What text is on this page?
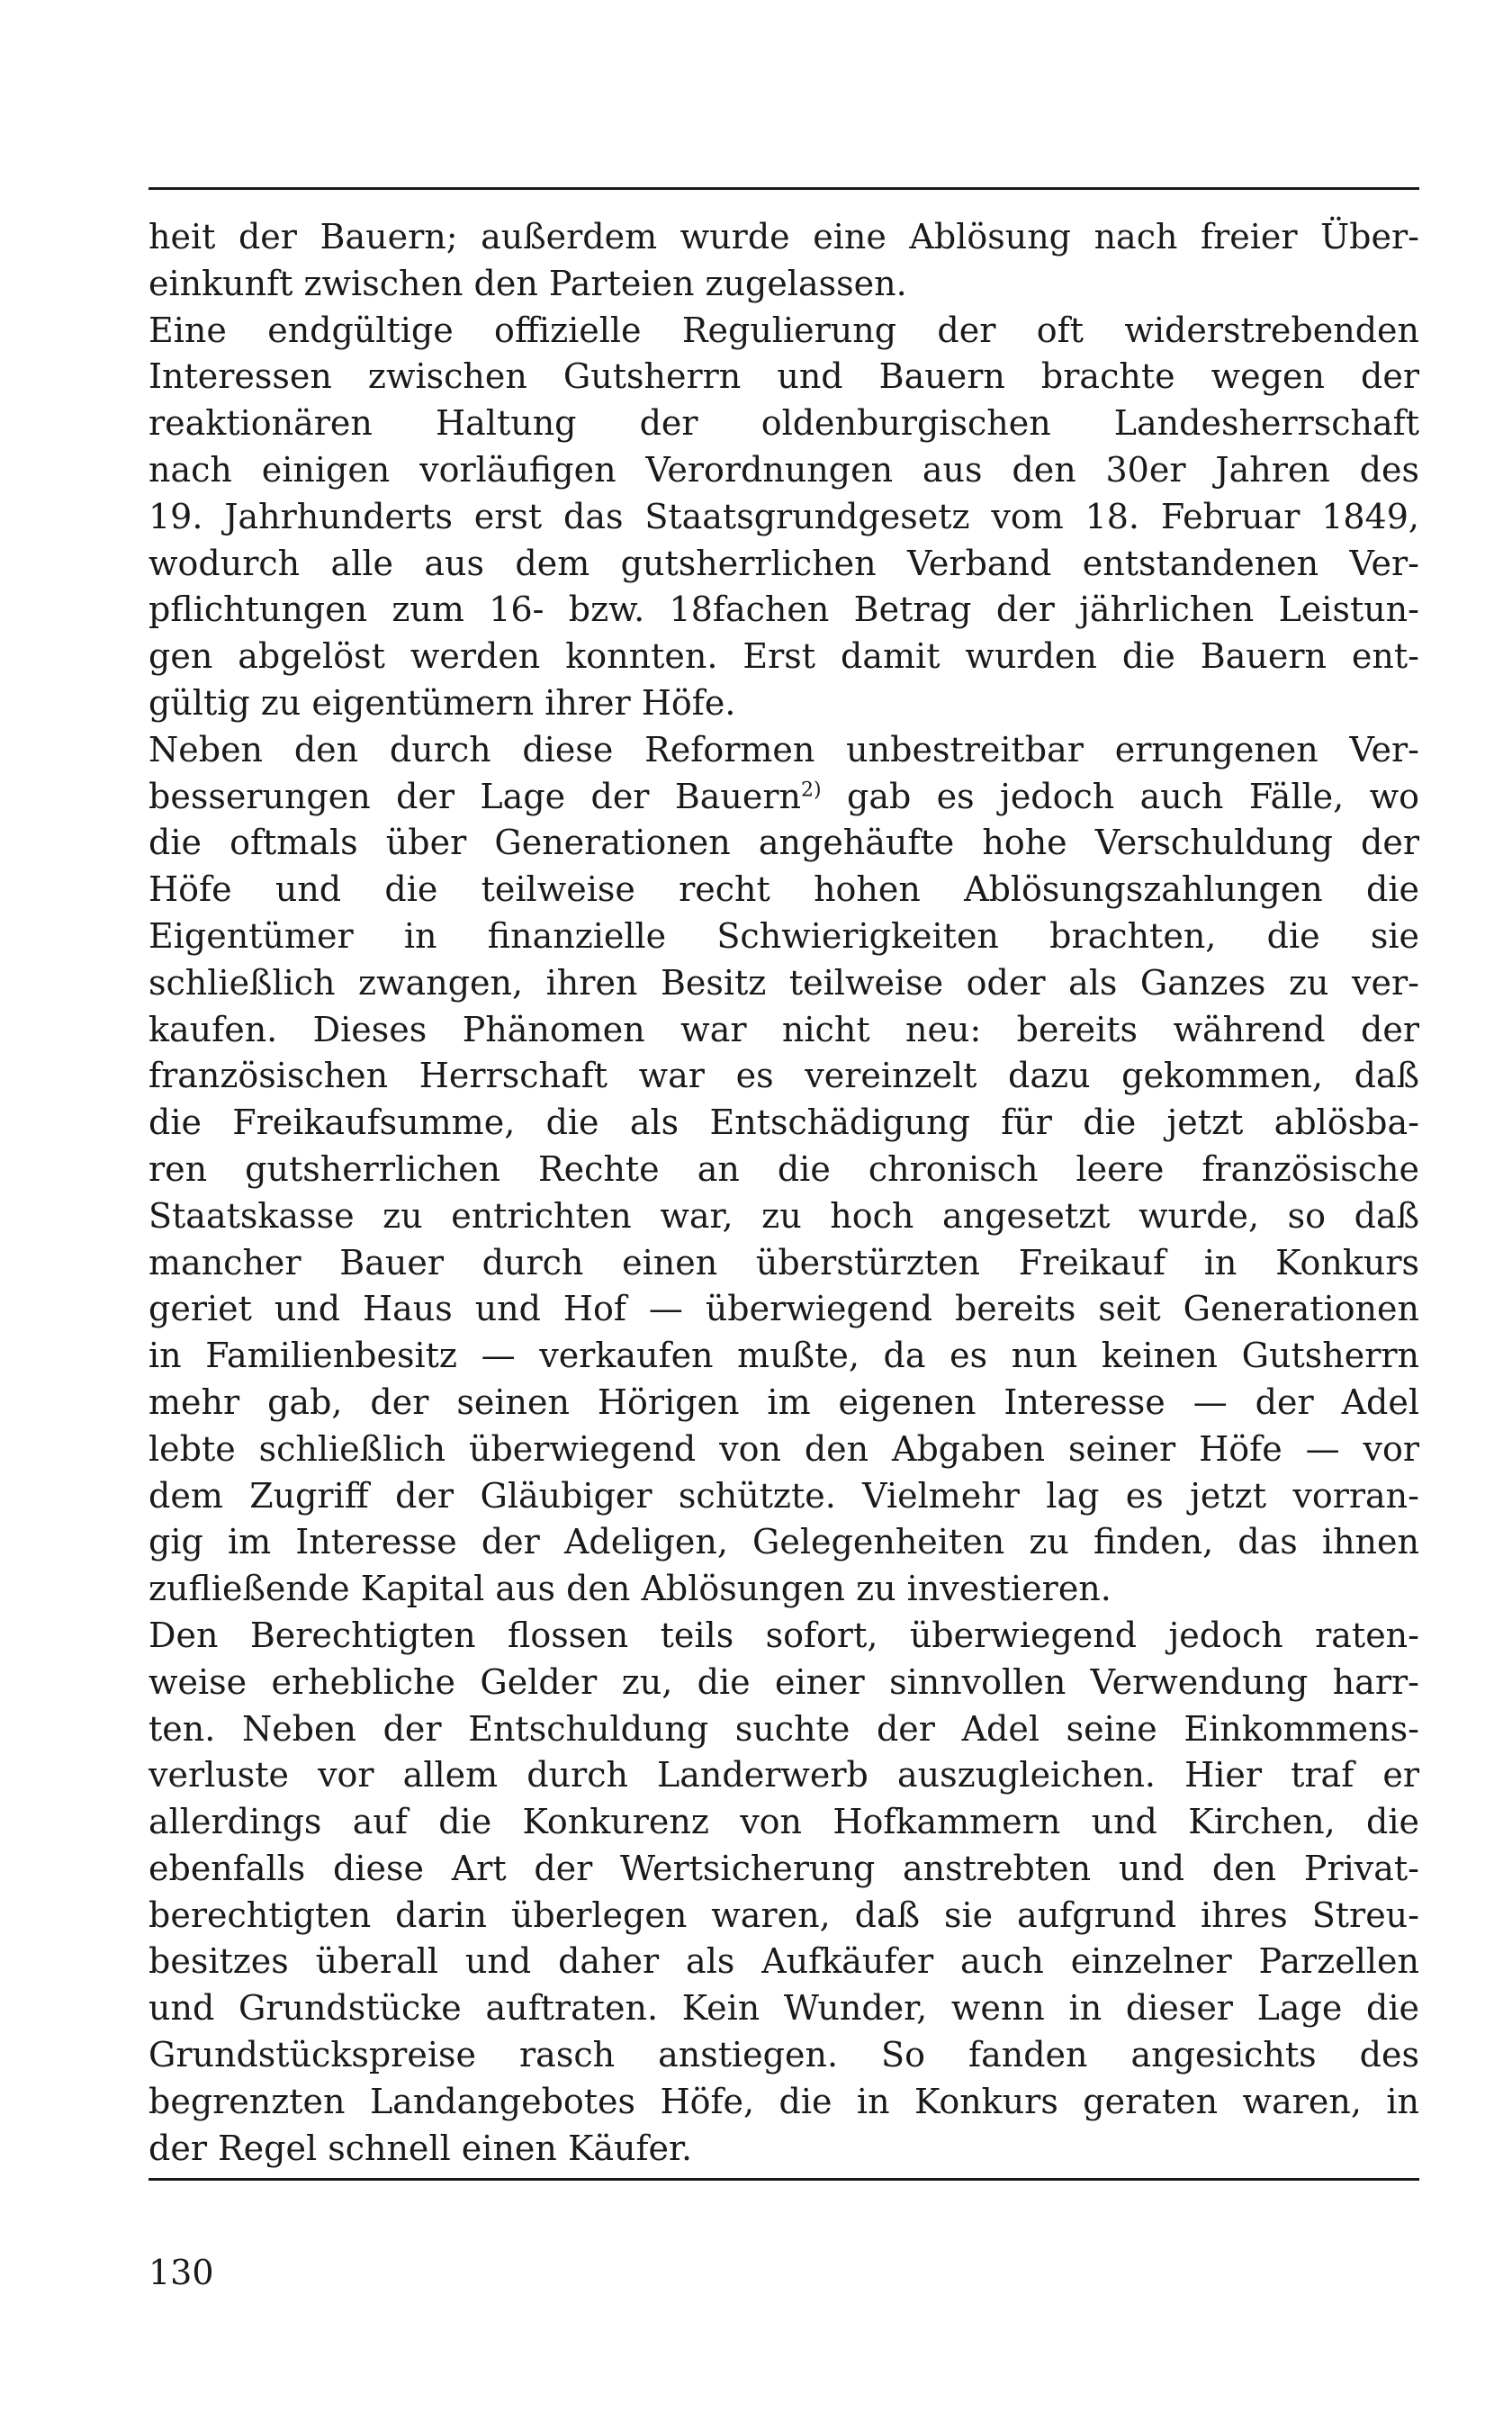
heit der Bauern; außerdem wurde eine Ablösung nach freier Über-
einkunft zwischen den Parteien zugelassen.
Eine endgültige offizielle Regulierung der oft widerstrebenden
Interessen zwischen Gutsherrn und Bauern brachte wegen der
reaktionären Haltung der oldenburgischen Landesherrschaft
nach einigen vorläufigen Verordnungen aus den 30er Jahren des
19. Jahrhunderts erst das Staatsgrundgesetz vom 18. Februar 1849,
wodurch alle aus dem gutsherrlichen Verband entstandenen Ver-
pflichtungen zum 16- bzw. 18fachen Betrag der jährlichen Leistun-
gen abgelöst werden konnten. Erst damit wurden die Bauern ent-
gültig zu eigentümern ihrer Höfe.
Neben den durch diese Reformen unbestreitbar errungenen Ver-
besserungen der Lage der Bauern$^{2)}$ gab es jedoch auch Fälle, wo
die oftmals über Generationen angehäufte hohe Verschuldung der
Höfe und die teilweise recht hohen Ablösungszahlungen die
Eigentümer in finanzielle Schwierigkeiten brachten, die sie
schließlich zwangen, ihren Besitz teilweise oder als Ganzes zu ver-
kaufen. Dieses Phänomen war nicht neu: bereits während der
französischen Herrschaft war es vereinzelt dazu gekommen, daß
die Freikaufsumme, die als Entschädigung für die jetzt ablösba-
ren gutsherrlichen Rechte an die chronisch leere französische
Staatskasse zu entrichten war, zu hoch angesetzt wurde, so daß
mancher Bauer durch einen überstürzten Freikauf in Konkurs
geriet und Haus und Hof — überwiegend bereits seit Generationen
in Familienbesitz — verkaufen mußte, da es nun keinen Gutsherrn
mehr gab, der seinen Hörigen im eigenen Interesse — der Adel
lebte schließlich überwiegend von den Abgaben seiner Höfe — vor
dem Zugriff der Gläubiger schützte. Vielmehr lag es jetzt vorran-
gig im Interesse der Adeligen, Gelegenheiten zu finden, das ihnen
zufließende Kapital aus den Ablösungen zu investieren.
Den Berechtigten flossen teils sofort, überwiegend jedoch raten-
weise erhebliche Gelder zu, die einer sinnvollen Verwendung harr-
ten. Neben der Entschuldung suchte der Adel seine Einkommens-
verluste vor allem durch Landerwerb auszugleichen. Hier traf er
allerdings auf die Konkurenz von Hofkammern und Kirchen, die
ebenfalls diese Art der Wertsicherung anstrebten und den Privat-
berechtigten darin überlegen waren, daß sie aufgrund ihres Streu-
besitzes überall und daher als Aufkäufer auch einzelner Parzellen
und Grundstücke auftraten. Kein Wunder, wenn in dieser Lage die
Grundstückspreise rasch anstiegen. So fanden angesichts des
begrenzten Landangebotes Höfe, die in Konkurs geraten waren, in
der Regel schnell einen Käufer.
130
